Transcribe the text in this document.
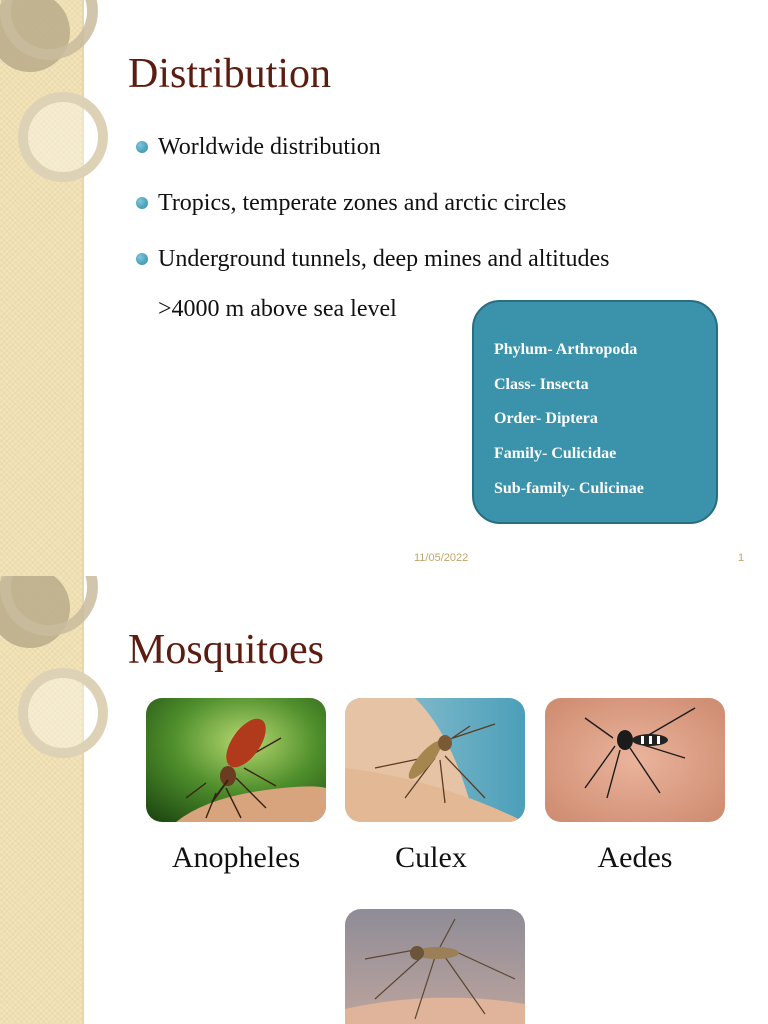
Distribution
Worldwide distribution
Tropics, temperate zones and arctic circles
Underground tunnels, deep mines and altitudes
>4000 m above sea level
Phylum- Arthropoda
Class- Insecta
Order- Diptera
Family- Culicidae
Sub-family- Culicinae
11/05/2022	1
Mosquitoes
Anopheles	Culex	Aedes
